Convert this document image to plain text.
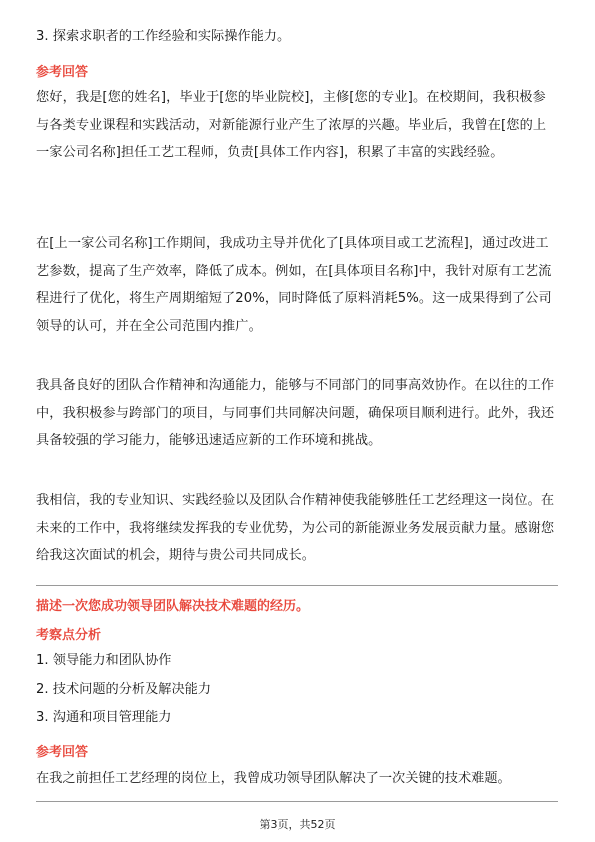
3. 探索求职者的工作经验和实际操作能力。
参考回答

您好，我是[您的姓名]，毕业于[您的毕业院校]，主修[您的专业]。在校期间，我积极参与各类专业课程和实践活动，对新能源行业产生了浓厚的兴趣。毕业后，我曾在[您的上一家公司名称]担任工艺工程师，负责[具体工作内容]，积累了丰富的实践经验。

在[上一家公司名称]工作期间，我成功主导并优化了[具体项目或工艺流程]，通过改进工艺参数，提高了生产效率，降低了成本。例如，在[具体项目名称]中，我针对原有工艺流程进行了优化，将生产周期缩短了20%，同时降低了原料消耗5%。这一成果得到了公司领导的认可，并在全公司范围内推广。

我具备良好的团队合作精神和沟通能力，能够与不同部门的同事高效协作。在以往的工作中，我积极参与跨部门的项目，与同事们共同解决问题，确保项目顺利进行。此外，我还具备较强的学习能力，能够迅速适应新的工作环境和挑战。

我相信，我的专业知识、实践经验以及团队合作精神使我能够胜任工艺经理这一岗位。在未来的工作中，我将继续发挥我的专业优势，为公司的新能源业务发展贡献力量。感谢您给我这次面试的机会，期待与贵公司共同成长。

描述一次您成功领导团队解决技术难题的经历。
考察点分析
1. 领导能力和团队协作
2. 技术问题的分析及解决能力
3. 沟通和项目管理能力
参考回答
在我之前担任工艺经理的岗位上，我曾成功领导团队解决了一次关键的技术难题。
第3页，共52页
